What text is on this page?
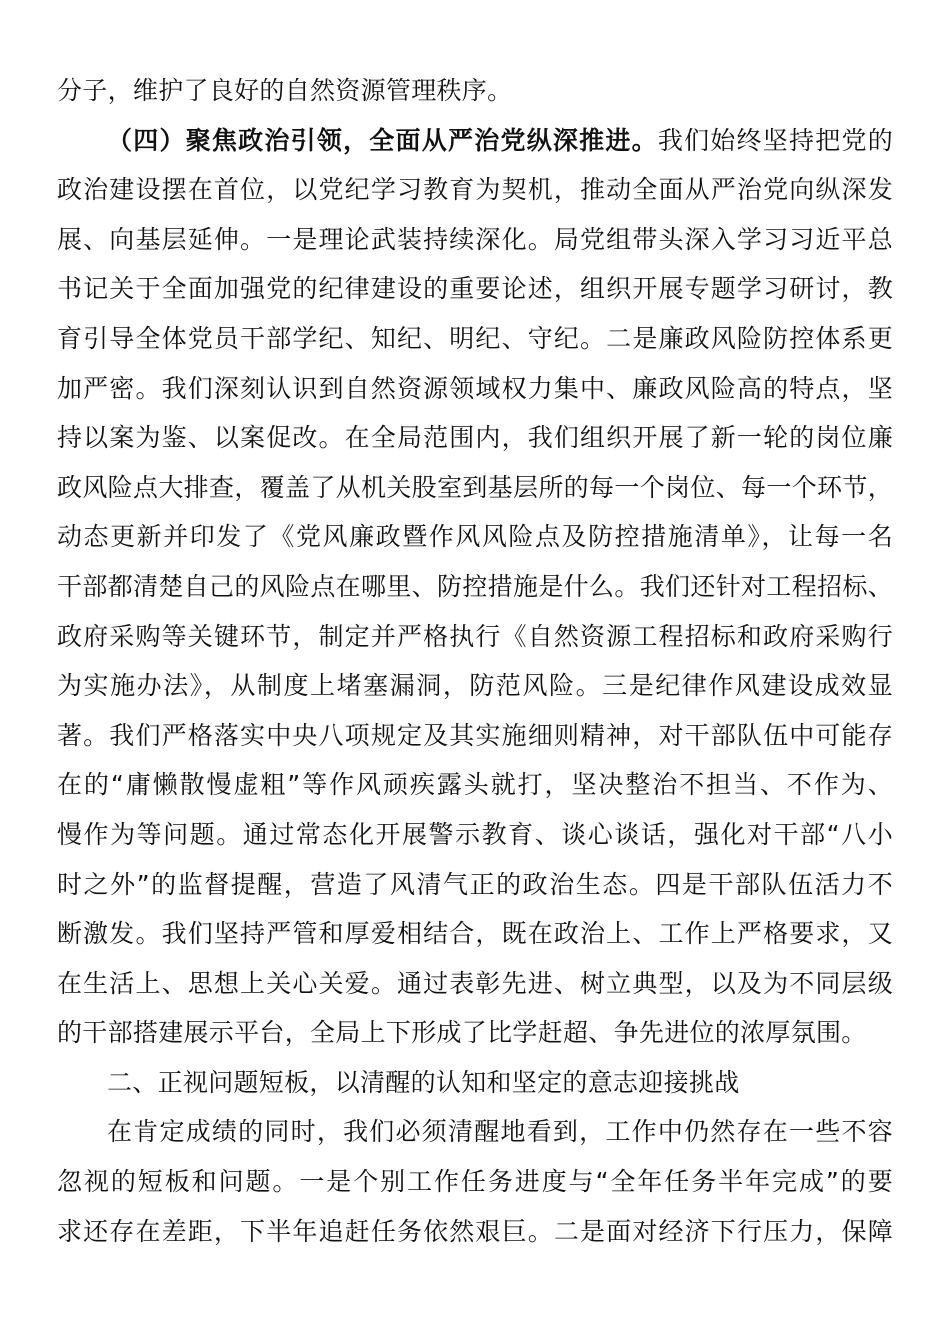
分子，维护了良好的自然资源管理秩序。
（四）聚焦政治引领，全面从严治党纵深推进。我们始终坚持把党的
政治建设摆在首位，以党纪学习教育为契机，推动全面从严治党向纵深发
展、向基层延伸。一是理论武装持续深化。局党组带头深入学习习近平总
书记关于全面加强党的纪律建设的重要论述，组织开展专题学习研讨，教
育引导全体党员干部学纪、知纪、明纪、守纪。二是廉政风险防控体系更
加严密。我们深刻认识到自然资源领域权力集中、廉政风险高的特点，坚
持以案为鉴、以案促改。在全局范围内，我们组织开展了新一轮的岗位廉
政风险点大排查，覆盖了从机关股室到基层所的每一个岗位、每一个环节，
动态更新并印发了《党风廉政暨作风风险点及防控措施清单》，让每一名
干部都清楚自己的风险点在哪里、防控措施是什么。我们还针对工程招标、
政府采购等关键环节，制定并严格执行《自然资源工程招标和政府采购行
为实施办法》，从制度上堵塞漏洞，防范风险。三是纪律作风建设成效显
著。我们严格落实中央八项规定及其实施细则精神，对干部队伍中可能存
在的“庸懒散慢虚粗”等作风顽疾露头就打，坚决整治不担当、不作为、
慢作为等问题。通过常态化开展警示教育、谈心谈话，强化对干部“八小
时之外”的监督提醒，营造了风清气正的政治生态。四是干部队伍活力不
断激发。我们坚持严管和厚爱相结合，既在政治上、工作上严格要求，又
在生活上、思想上关心关爱。通过表彰先进、树立典型，以及为不同层级
的干部搭建展示平台，全局上下形成了比学赶超、争先进位的浓厚氛围。
二、正视问题短板，以清醒的认知和坚定的意志迎接挑战
在肯定成绩的同时，我们必须清醒地看到，工作中仍然存在一些不容
忽视的短板和问题。一是个别工作任务进度与“全年任务半年完成”的要
求还存在差距，下半年追赶任务依然艰巨。二是面对经济下行压力，保障
